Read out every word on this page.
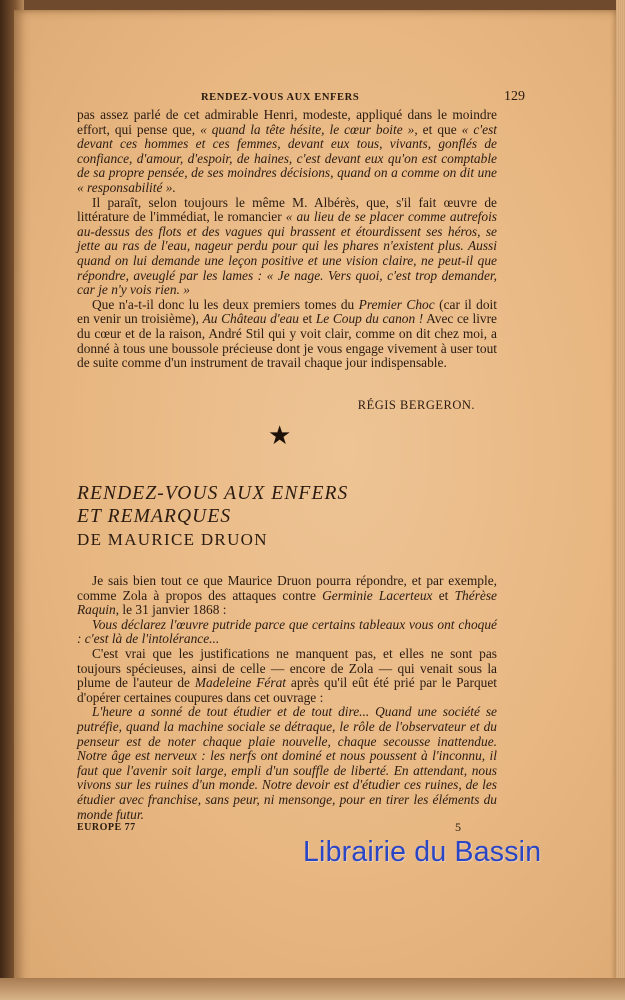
RENDEZ-VOUS AUX ENFERS	129

pas assez parlé de cet admirable Henri, modeste, appliqué dans le moindre effort, qui pense que, « quand la tête hésite, le cœur boite », et que « c'est devant ces hommes et ces femmes, devant eux tous, vivants, gonflés de confiance, d'amour, d'espoir, de haines, c'est devant eux qu'on est comptable de sa propre pensée, de ses moindres décisions, quand on a comme on dit une « responsabilité ».

Il paraît, selon toujours le même M. Albérès, que, s'il fait œuvre de littérature de l'immédiat, le romancier « au lieu de se placer comme autrefois au-dessus des flots et des vagues qui brassent et étourdissent ses héros, se jette au ras de l'eau, nageur perdu pour qui les phares n'existent plus. Aussi quand on lui demande une leçon positive et une vision claire, ne peut-il que répondre, aveuglé par les lames : « Je nage. Vers quoi, c'est trop demander, car je n'y vois rien. »

Que n'a-t-il donc lu les deux premiers tomes du Premier Choc (car il doit en venir un troisième), Au Château d'eau et Le Coup du canon ! Avec ce livre du cœur et de la raison, André Stil qui y voit clair, comme on dit chez moi, a donné à tous une boussole précieuse dont je vous engage vivement à user tout de suite comme d'un instrument de travail chaque jour indispensable.

RÉGIS BERGERON.
★
RENDEZ-VOUS AUX ENFERS
ET REMARQUES
DE MAURICE DRUON

Je sais bien tout ce que Maurice Druon pourra répondre, et par exemple, comme Zola à propos des attaques contre Germinie Lacerteux et Thérèse Raquin, le 31 janvier 1868 :

Vous déclarez l'œuvre putride parce que certains tableaux vous ont choqué : c'est là de l'intolérance...

C'est vrai que les justifications ne manquent pas, et elles ne sont pas toujours spécieuses, ainsi de celle — encore de Zola — qui venait sous la plume de l'auteur de Madeleine Férat après qu'il eût été prié par le Parquet d'opérer certaines coupures dans cet ouvrage :

L'heure a sonné de tout étudier et de tout dire... Quand une société se putréfie, quand la machine sociale se détraque, le rôle de l'observateur et du penseur est de noter chaque plaie nouvelle, chaque secousse inattendue. Notre âge est nerveux : les nerfs ont dominé et nous poussent à l'inconnu, il faut que l'avenir soit large, empli d'un souffle de liberté. En attendant, nous vivons sur les ruines d'un monde. Notre devoir est d'étudier ces ruines, de les étudier avec franchise, sans peur, ni mensonge, pour en tirer les éléments du monde futur.

EUROPE 77	5
Librairie du Bassin
